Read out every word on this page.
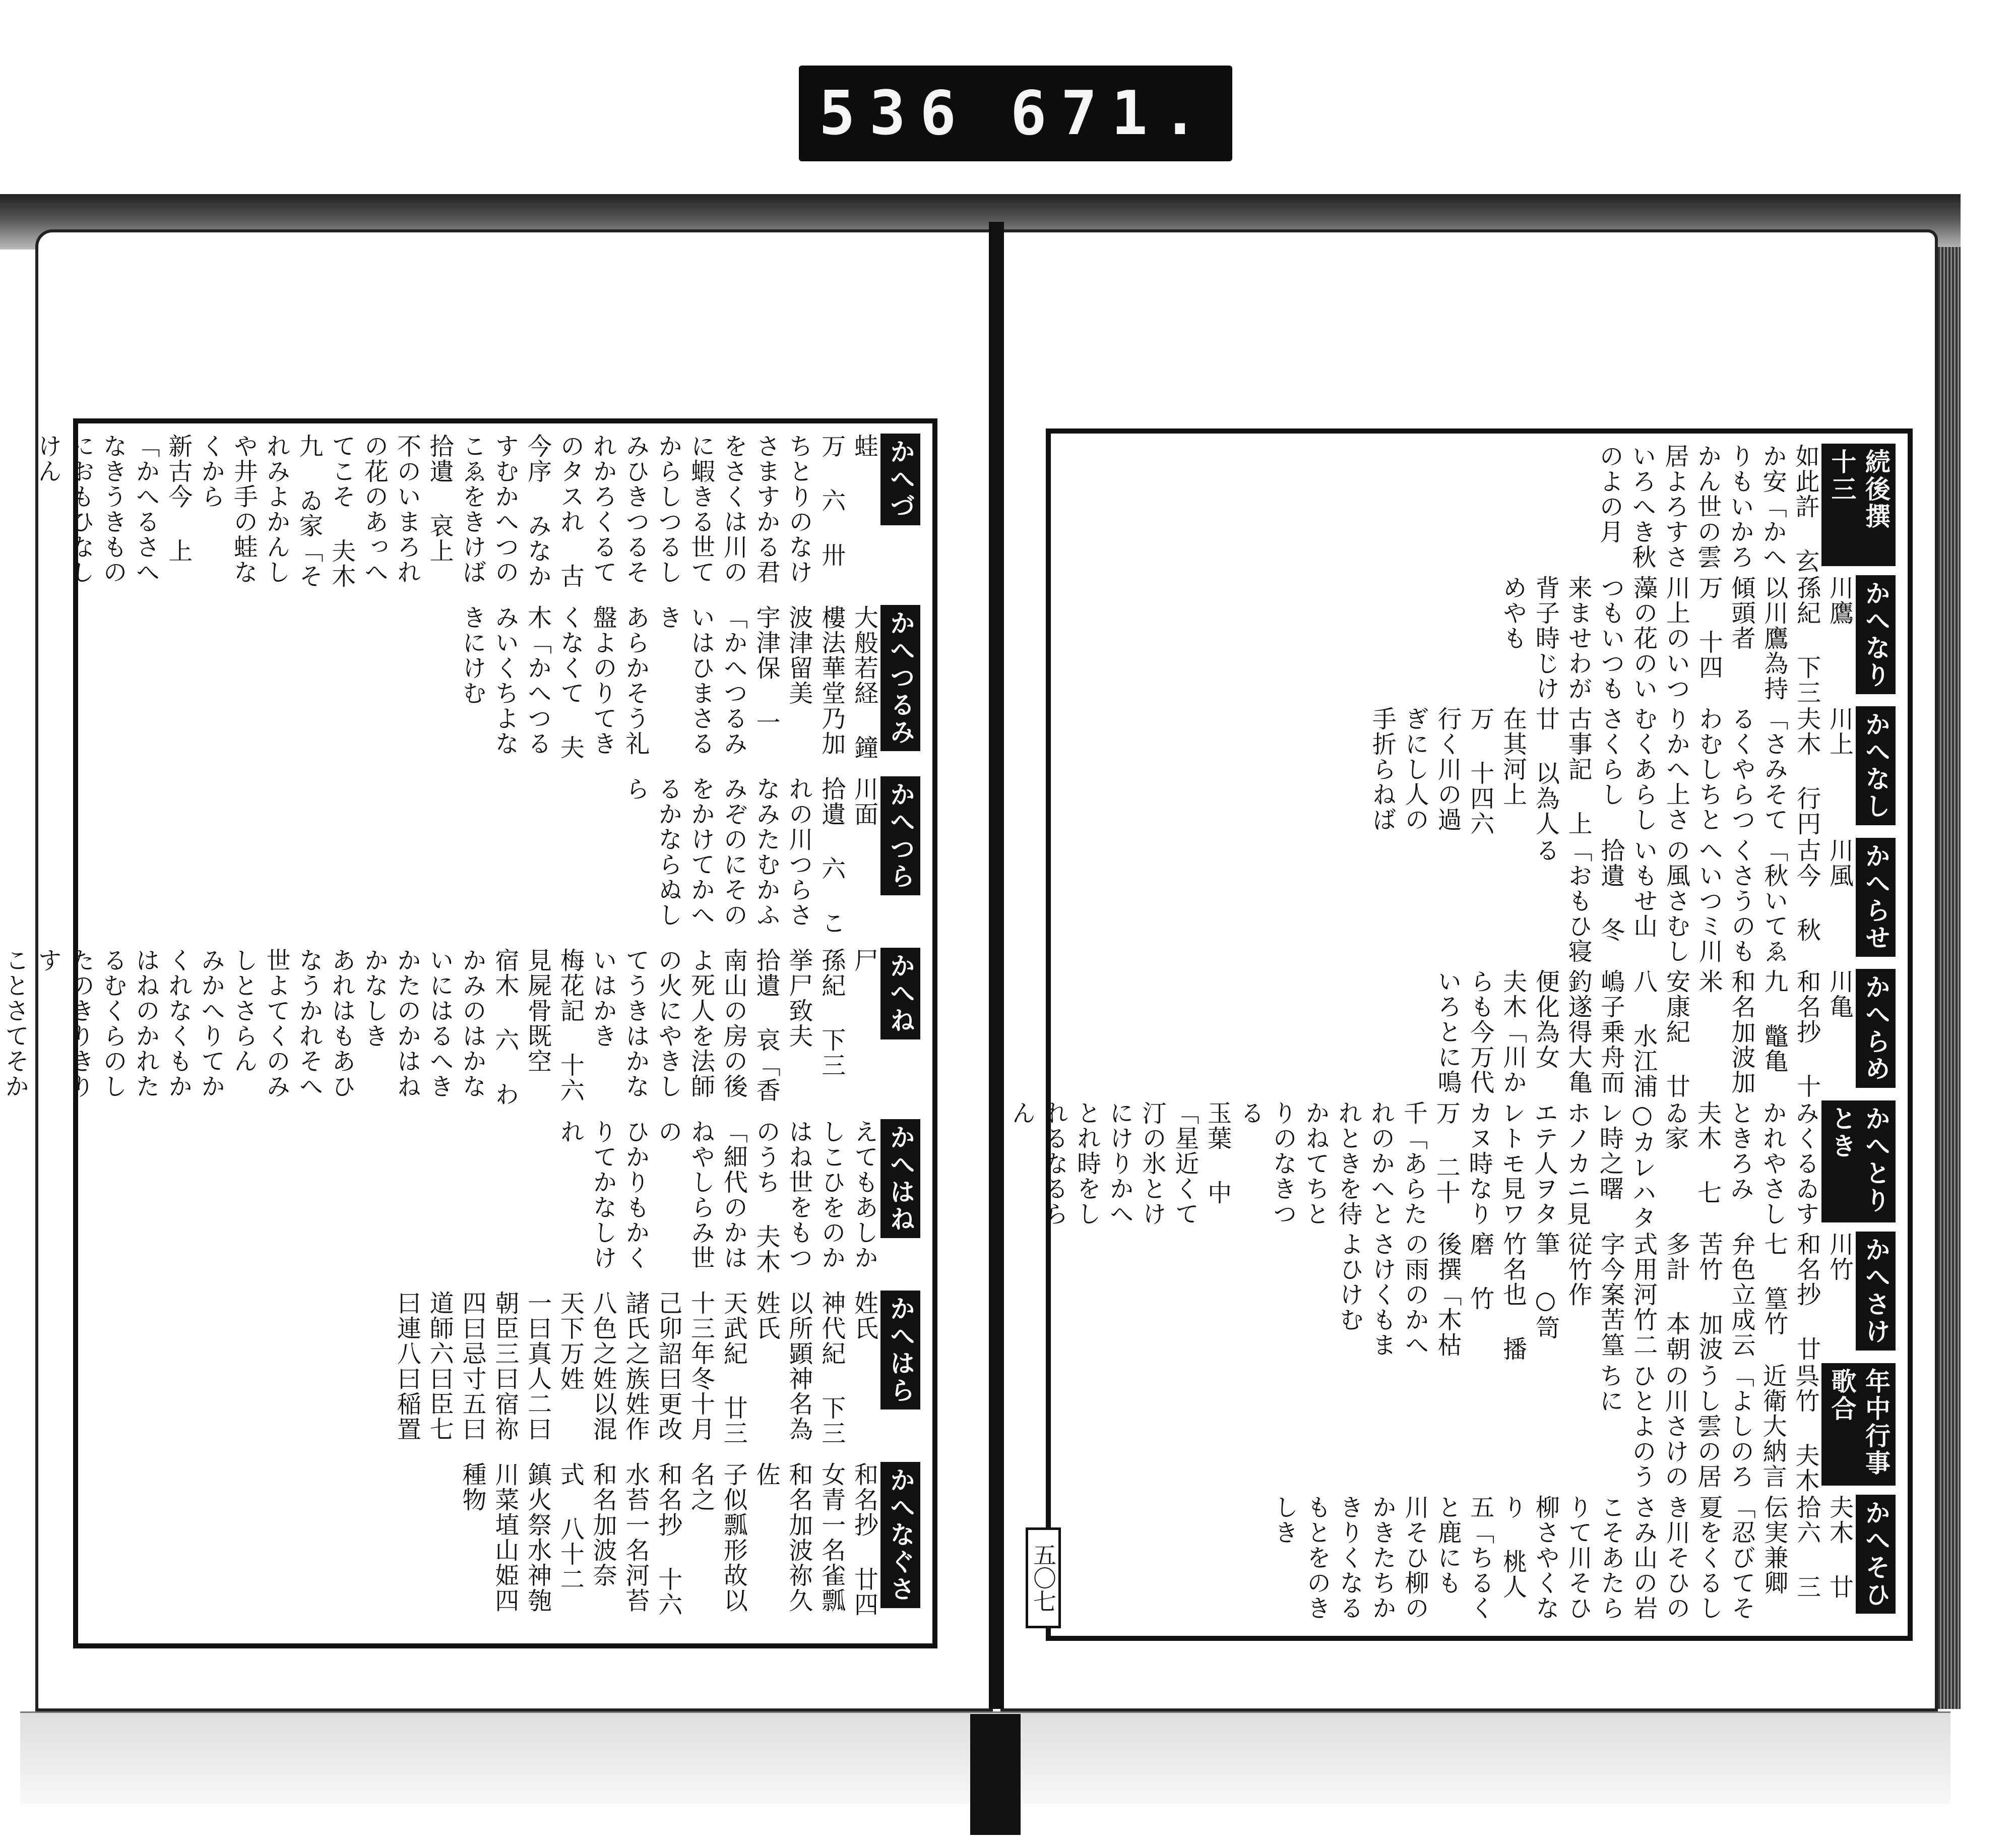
536 671.
続後撰 十三
如此許 玄 か安「かへりもいかろかん世の雲居よろすさいろへき秋のよの月
かへなり
川鷹
孫紀 下三 以川鷹為持傾頭者
万 十四 川上のいつ藻の花のいつもいつも来ませわが背子時じけめやも
かへなし
川上
夫木 行円「さみそてるくやらつわむしちとりかへ上さむくあらしさくらし
古事記 上廿 以為人在其河上 万 十四六 行く川の過ぎにし人の手折らねば
かへらせ
川風
古今 秋「秋いてゑくさうのもへいつミ川の風さむしいもせ山
拾遺 冬「おもひ寝る
かへらめ
川亀
和名抄 十九 鼈亀 和名加波加米
安康紀 廿八 水江浦嶋子乗舟而釣遂得大亀便化為女
夫木「川からも今万代いろとに鳴
かへとりとき
みくるゐすかれやさしときろみ 夫木 七 ゐ家
○カレハタレ時之曙 ホノカニ見エテ人ヲタレトモ見ワカヌ時なり
万 二十 千「あらたれのかへとれときを待かねてちとりのなきつる
玉葉 中「星近くて汀の氷とけにけりかへとれ時をしれるなるらん
かへさけ
川竹
和名抄 廿七 篁竹 弁色立成云 苦竹 加波 多計 本朝式用河竹二字今案苦篁従竹作
筆 ○笥竹名也 播磨 竹
後撰「木枯の雨のかへさけくもまよひけむ
年中行事歌合
呉竹 夫木 近衛大納言「よしのろうし雲の居の川さけのひとよのうちに
かへそひ
夫木 廿 拾六 三 伝実兼卿「忍びてそ夏をくるしき川そひの
さみ山の岩こそあたらりて川そひ柳さやくなり 桃人 五「ちるくと鹿にも
川そひ柳のかきたちかきりくなるもとをのきしき
かへづ
蛙
万 六 卅 ちとりのなけさますかる君をさくは川のに蝦きる世てからしつるし
みひきつるそれかろくるてのタスれ 古今序 みなかすむかへつのこゑをきけば
拾遺 哀上 不のいまろれの花のあっへてこそ 夫木 九 ゐ家「それみよかんしや井手の蛙なくから
新古今 上 「かへるさへなきうきものにおもひなしけん
かへつるみ
大般若経 鐘樓法華堂乃加波津留美
宇津保 一 「かへつるみいはひまさるき
あらかそう礼盤よのりてきくなくて 夫木「かへつるみいくちよなきにけむ
かへつら
川面
拾遺 六 これの川つらさなみたむかふ
みぞのにそのをかけてかへるかならぬしら
かへね
尸
孫紀 下三 挙尸致夫
拾遺 哀「香南山の房の後よ死人を法師の火にやきしてうきはかないはかき
梅花記 十六 見屍骨既空
宿木 六 わかみのはかないにはるへきかたのかはねかなしき
あれはもあひなうかれそへ世よてくのみしとさらん
みかへりてかくれなくもかはねのかれたるむくらのしたのきりきりす
ことさてそか
かへはね
えてもあしかしこひをのかはね世をもつのうち 夫木「細代のかはねやしらみ世の
ひかりもかくりてかなしけれ
かへはら
姓氏
神代紀 下三 以所顕神名為姓氏
天武紀 廿三 十三年冬十月己卯詔曰更改諸氏之族姓作八色之姓以混天下万姓
一曰真人二曰朝臣三曰宿祢四曰忌寸五曰道師六曰臣七曰連八曰稲置
かへなぐさ
和名抄 廿四 女青一名雀瓢 和名加波祢久佐
子似瓢形故以名之
和名抄 十六 水苔一名河苔 和名加波奈
式 八十二 鎮火祭水神匏川菜埴山姫四種物
五〇七
